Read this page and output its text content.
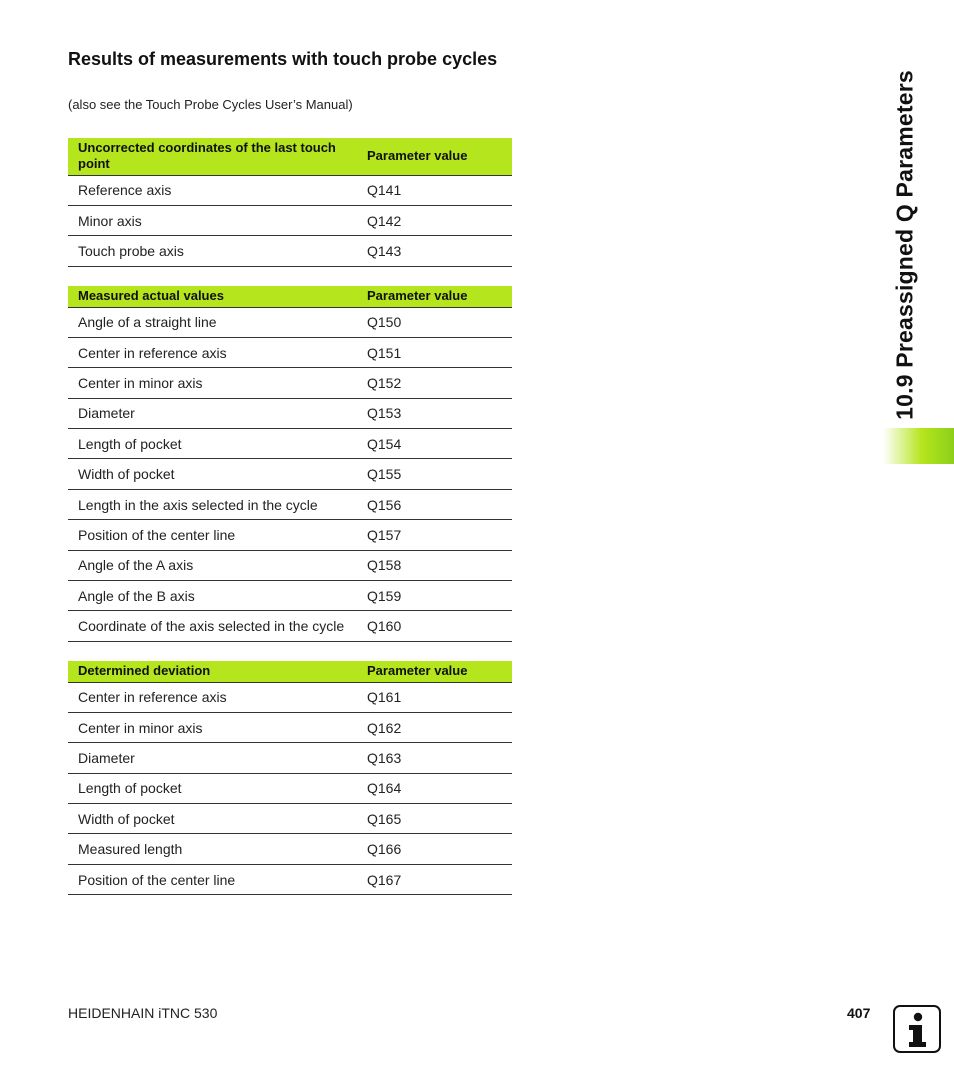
Results of measurements with touch probe cycles
(also see the Touch Probe Cycles User’s Manual)
Uncorrected coordinates of the last touch point	Parameter value
Reference axis	Q141
Minor axis	Q142
Touch probe axis	Q143
Measured actual values	Parameter value
Angle of a straight line	Q150
Center in reference axis	Q151
Center in minor axis	Q152
Diameter	Q153
Length of pocket	Q154
Width of pocket	Q155
Length in the axis selected in the cycle	Q156
Position of the center line	Q157
Angle of the A axis	Q158
Angle of the B axis	Q159
Coordinate of the axis selected in the cycle	Q160
Determined deviation	Parameter value
Center in reference axis	Q161
Center in minor axis	Q162
Diameter	Q163
Length of pocket	Q164
Width of pocket	Q165
Measured length	Q166
Position of the center line	Q167
10.9 Preassigned Q Parameters
HEIDENHAIN iTNC 530	407
